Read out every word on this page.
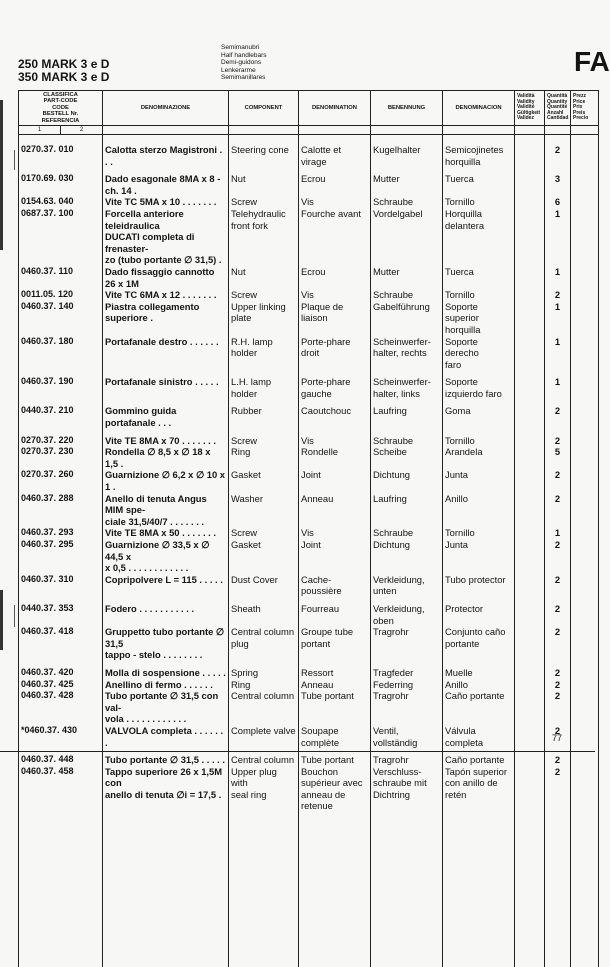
250 MARK 3 e D
350 MARK 3 e D
Semimanubri
Half handlebars
Demi-guidons
Lenkerarme
Semimanillares
FA
CLASSIFICA
PART-CODE
CODE
BESTELL Nr.
REFERENCIA	DENOMINAZIONE	COMPONENT	DENOMINATION	BENENNUNG	DENOMINACION	Validità
Validity
Validité
Gültigkeit
Validez	Quantità
Quantity
Quantité
Anzahl
Cantidad	Prezz
Price
Prix
Preis
Precio
1 2								

0270.37. 010	Calotta sterzo Magistroni . . .	Steering cone	Calotte et virage	Kugelhalter	Semicojinetes
horquilla		2	

0170.69. 030	Dado esagonale 8MA x 8 - ch. 14 .	Nut	Ecrou	Mutter	Tuerca		3	
0154.63. 040	Vite TC 5MA x 10 . . . . . . .	Screw	Vis	Schraube	Tornillo		6	
0687.37. 100	Forcella anteriore teleidraulica
DUCATI completa di frenaster-
zo (tubo portante ∅ 31,5) .	Telehydraulic
front fork	Fourche avant	Vordelgabel	Horquilla
delantera		1	
0460.37. 110	Dado fissaggio cannotto 26 x 1M	Nut	Ecrou	Mutter	Tuerca		1	
0011.05. 120	Vite TC 6MA x 12 . . . . . . .	Screw	Vis	Schraube	Tornillo		2	
0460.37. 140	Piastra collegamento superiore .	Upper linking
plate	Plaque de liaison	Gabelführung	Soporte superior
horquilla		1	
0460.37. 180	Portafanale destro . . . . . .	R.H. lamp
holder	Porte-phare
droit	Scheinwerfer-
halter, rechts	Soporte derecho
faro		1	

0460.37. 190	Portafanale sinistro . . . . .	L.H. lamp holder	Porte-phare
gauche	Scheinwerfer-
halter, links	Soporte
izquierdo faro		1	

0440.37. 210	Gommino guida portafanale . . .	Rubber	Caoutchouc	Laufring	Goma		2	

0270.37. 220	Vite TE 8MA x 70 . . . . . . .	Screw	Vis	Schraube	Tornillo		2	
0270.37. 230	Rondella ∅ 8,5 x ∅ 18 x 1,5 .	Ring	Rondelle	Scheibe	Arandela		5	
0270.37. 260	Guarnizione ∅ 6,2 x ∅ 10 x 1 .	Gasket	Joint	Dichtung	Junta		2	
0460.37. 288	Anello di tenuta Angus MIM spe-
ciale 31,5/40/7 . . . . . . .	Washer	Anneau	Laufring	Anillo		2	
0460.37. 293	Vite TE 8MA x 50 . . . . . . .	Screw	Vis	Schraube	Tornillo		1	
0460.37. 295	Guarnizione ∅ 33,5 x ∅ 44,5 x
x 0,5 . . . . . . . . . . . .	Gasket	Joint	Dichtung	Junta		2	
0460.37. 310	Copripolvere L = 115 . . . . .	Dust Cover	Cache-poussière	Verkleidung,
unten	Tubo protector		2	

0440.37. 353	Fodero . . . . . . . . . . .	Sheath	Fourreau	Verkleidung,
oben	Protector		2	
0460.37. 418	Gruppetto tubo portante ∅ 31,5
tappo - stelo . . . . . . . .	Central column
plug	Groupe tube
portant	Tragrohr	Conjunto caño
portante		2	

0460.37. 420	Molla di sospensione . . . . .	Spring	Ressort	Tragfeder	Muelle		2	
0460.37. 425	Anellino di fermo . . . . . .	Ring	Anneau	Federring	Anillo		2	
0460.37. 428	Tubo portante ∅ 31,5 con val-
vola . . . . . . . . . . . .	Central column	Tube portant	Tragrohr	Caño portante		2	
*0460.37. 430	VALVOLA completa . . . . . . .	Complete valve	Soupape
complète	Ventil,
vollständig	Válvula completa		2	

0460.37. 448	Tubo portante ∅ 31,5 . . . . .	Central column	Tube portant	Tragrohr	Caño portante		2	
0460.37. 458	Tappo superiore 26 x 1,5M con
anello di tenuta ∅i = 17,5 .	Upper plug with
seal ring	Bouchon
supérieur avec
anneau de
retenue	Verschluss-
schraube mit
Dichtring	Tapón superior
con anillo de
retén		2	

77
